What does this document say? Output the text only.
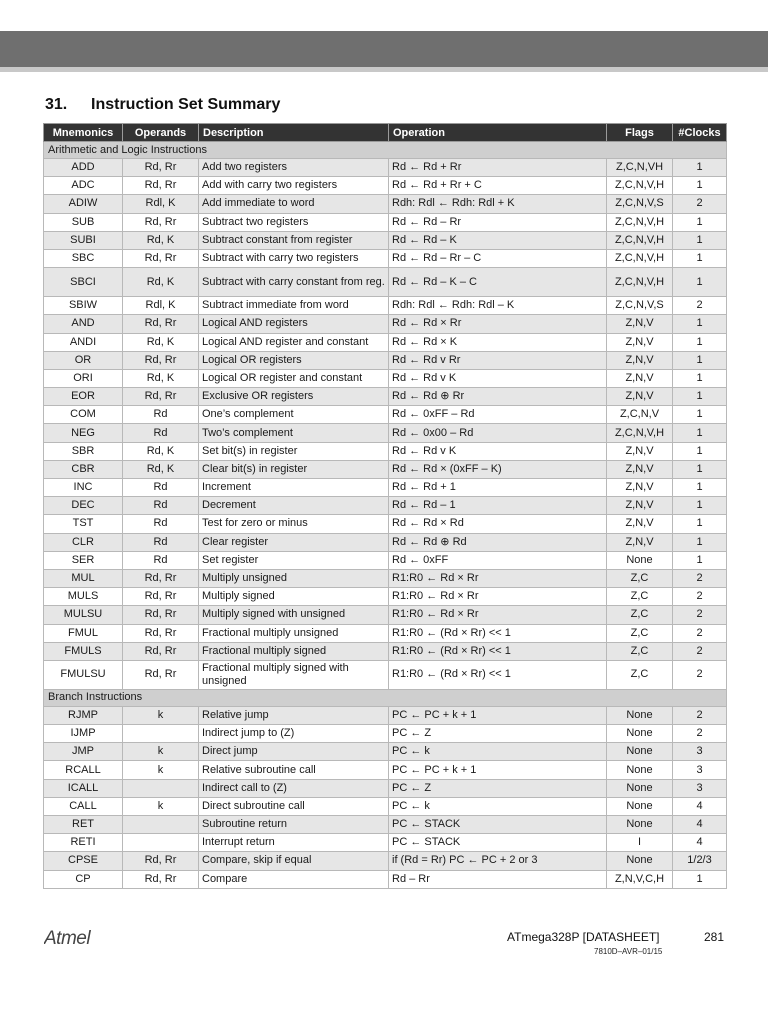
31. Instruction Set Summary
Mnemonics	Operands	Description	Operation	Flags	#Clocks
Arithmetic and Logic Instructions					
ADD	Rd, Rr	Add two registers	Rd ← Rd + Rr	Z,C,N,VH	1
ADC	Rd, Rr	Add with carry two registers	Rd ← Rd + Rr + C	Z,C,N,V,H	1
ADIW	Rdl, K	Add immediate to word	Rdh: Rdl ← Rdh: Rdl + K	Z,C,N,V,S	2
SUB	Rd, Rr	Subtract two registers	Rd ← Rd – Rr	Z,C,N,V,H	1
SUBI	Rd, K	Subtract constant from register	Rd ← Rd – K	Z,C,N,V,H	1
SBC	Rd, Rr	Subtract with carry two registers	Rd ← Rd – Rr – C	Z,C,N,V,H	1
SBCI	Rd, K	Subtract with carry constant from reg.	Rd ← Rd – K – C	Z,C,N,V,H	1
SBIW	Rdl, K	Subtract immediate from word	Rdh: Rdl ← Rdh: Rdl – K	Z,C,N,V,S	2
AND	Rd, Rr	Logical AND registers	Rd ← Rd × Rr	Z,N,V	1
ANDI	Rd, K	Logical AND register and constant	Rd ← Rd × K	Z,N,V	1
OR	Rd, Rr	Logical OR registers	Rd ← Rd v Rr	Z,N,V	1
ORI	Rd, K	Logical OR register and constant	Rd ← Rd v K	Z,N,V	1
EOR	Rd, Rr	Exclusive OR registers	Rd ← Rd ⊕ Rr	Z,N,V	1
COM	Rd	One’s complement	Rd ← 0xFF – Rd	Z,C,N,V	1
NEG	Rd	Two’s complement	Rd ← 0x00 – Rd	Z,C,N,V,H	1
SBR	Rd, K	Set bit(s) in register	Rd ← Rd v K	Z,N,V	1
CBR	Rd, K	Clear bit(s) in register	Rd ← Rd × (0xFF – K)	Z,N,V	1
INC	Rd	Increment	Rd ← Rd + 1	Z,N,V	1
DEC	Rd	Decrement	Rd ← Rd – 1	Z,N,V	1
TST	Rd	Test for zero or minus	Rd ← Rd × Rd	Z,N,V	1
CLR	Rd	Clear register	Rd ← Rd ⊕ Rd	Z,N,V	1
SER	Rd	Set register	Rd ← 0xFF	None	1
MUL	Rd, Rr	Multiply unsigned	R1:R0 ← Rd × Rr	Z,C	2
MULS	Rd, Rr	Multiply signed	R1:R0 ← Rd × Rr	Z,C	2
MULSU	Rd, Rr	Multiply signed with unsigned	R1:R0 ← Rd × Rr	Z,C	2
FMUL	Rd, Rr	Fractional multiply unsigned	R1:R0 ← (Rd × Rr) << 1	Z,C	2
FMULS	Rd, Rr	Fractional multiply signed	R1:R0 ← (Rd × Rr) << 1	Z,C	2
FMULSU	Rd, Rr	Fractional multiply signed with unsigned	R1:R0 ← (Rd × Rr) << 1	Z,C	2
Branch Instructions					
RJMP	k	Relative jump	PC ← PC + k + 1	None	2
IJMP		Indirect jump to (Z)	PC ← Z	None	2
JMP	k	Direct jump	PC ← k	None	3
RCALL	k	Relative subroutine call	PC ← PC + k + 1	None	3
ICALL		Indirect call to (Z)	PC ← Z	None	3
CALL	k	Direct subroutine call	PC ← k	None	4
RET		Subroutine return	PC ← STACK	None	4
RETI		Interrupt return	PC ← STACK	I	4
CPSE	Rd, Rr	Compare, skip if equal	if (Rd = Rr) PC ← PC + 2 or 3	None	1/2/3
CP	Rd, Rr	Compare	Rd – Rr	Z,N,V,C,H	1
Atmel	ATmega328P [DATASHEET]	281
7810D–AVR–01/15
